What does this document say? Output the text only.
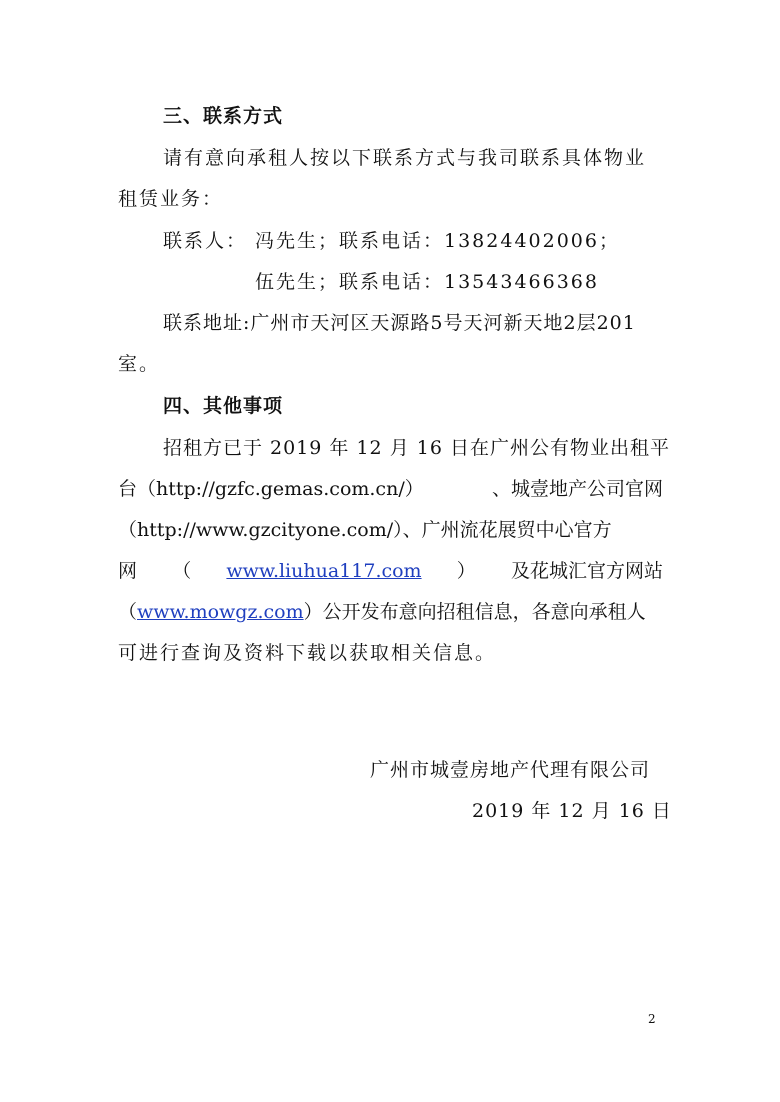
三、联系方式
请有意向承租人按以下联系方式与我司联系具体物业
租赁业务：
联系人： 冯先生；联系电话：13824402006；
伍先生；联系电话：13543466368
联系地址:广州市天河区天源路5号天河新天地2层201
室。
四、其他事项
招租方已于 2019 年 12 月 16 日在广州公有物业出租平
台（http://gzfc.gemas.com.cn/）	、城壹地产公司官网
（http://www.gzcityone.com/）、广州流花展贸中心官方
网 （ www.liuhua117.com ） 及花城汇官方网站
（www.mowgz.com）公开发布意向招租信息，各意向承租人
可进行查询及资料下载以获取相关信息。
广州市城壹房地产代理有限公司
2019 年 12 月 16 日
2
